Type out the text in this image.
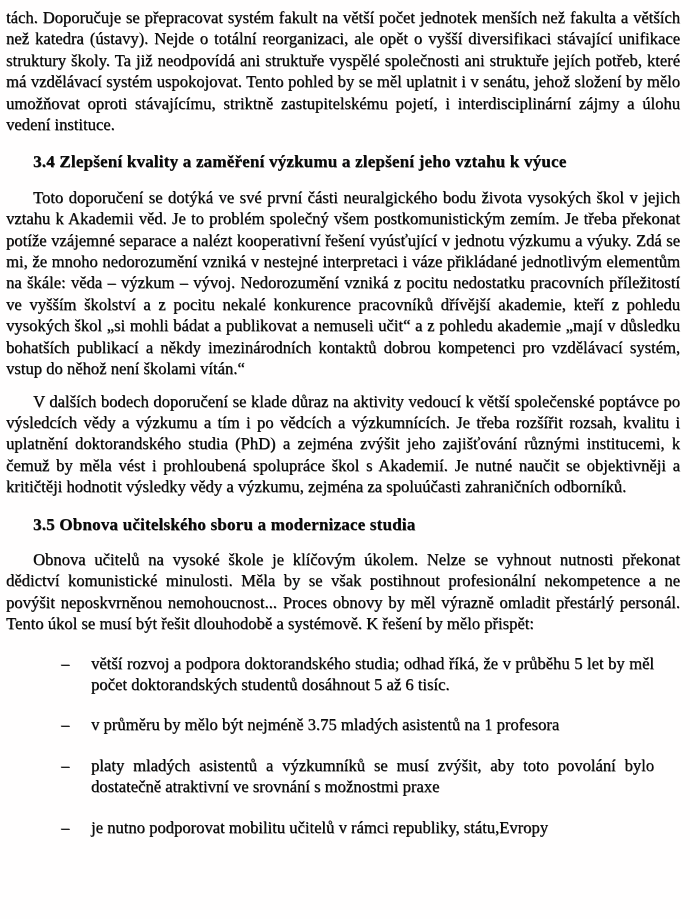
tách. Doporučuje se přepracovat systém fakult na větší počet jednotek menších než fakulta a větších než katedra (ústavy). Nejde o totální reorganizaci, ale opět o vyšší diversifikaci stávající unifikace struktury školy. Ta již neodpovídá ani struktuře vyspělé společnosti ani struktuře jejích potřeb, které má vzdělávací systém uspokojovat. Tento pohled by se měl uplatnit i v senátu, jehož složení by mělo umožňovat oproti stávajícímu, striktně zastupitelskému pojetí, i interdisciplinární zájmy a úlohu vedení instituce.

3.4 Zlepšení kvality a zaměření výzkumu a zlepšení jeho vztahu k výuce

Toto doporučení se dotýká ve své první části neuralgického bodu života vysokých škol v jejich vztahu k Akademii věd. Je to problém společný všem postkomunistickým zemím. Je třeba překonat potíže vzájemné separace a nalézt kooperativní řešení vyúsťující v jednotu výzkumu a výuky. Zdá se mi, že mnoho nedorozumění vzniká v nestejné interpretaci i váze přikládané jednotlivým elementům na škále: věda – výzkum – vývoj. Nedorozumění vzniká z pocitu nedostatku pracovních příležitostí ve vyšším školství a z pocitu nekalé konkurence pracovníků dřívější akademie, kteří z pohledu vysokých škol „si mohli bádat a publikovat a nemuseli učit“ a z pohledu akademie „mají v důsledku bohatších publikací a někdy imezinárodních kontaktů dobrou kompetenci pro vzdělávací systém, vstup do něhož není školami vítán.“

V dalších bodech doporučení se klade důraz na aktivity vedoucí k větší společenské poptávce po výsledcích vědy a výzkumu a tím i po vědcích a výzkumnících. Je třeba rozšířit rozsah, kvalitu i uplatnění doktorandského studia (PhD) a zejména zvýšit jeho zajišťování různými institucemi, k čemuž by měla vést i prohloubená spolupráce škol s Akademií. Je nutné naučit se objektivněji a kritičtěji hodnotit výsledky vědy a výzkumu, zejména za spoluúčasti zahraničních odborníků.

3.5 Obnova učitelského sboru a modernizace studia

Obnova učitelů na vysoké škole je klíčovým úkolem. Nelze se vyhnout nutnosti překonat dědictví komunistické minulosti. Měla by se však postihnout profesionální nekompetence a ne povýšit neposkvrněnou nemohoucnost... Proces obnovy by měl výrazně omladit přestárlý personál. Tento úkol se musí být řešit dlouhodobě a systémově. K řešení by mělo přispět:

–	větší rozvoj a podpora doktorandského studia; odhad říká, že v průběhu 5 let by měl počet doktorandských studentů dosáhnout 5 až 6 tisíc.
–	v průměru by mělo být nejméně 3.75 mladých asistentů na 1 profesora
–	platy mladých asistentů a výzkumníků se musí zvýšit, aby toto povolání bylo dostatečně atraktivní ve srovnání s možnostmi praxe
–	je nutno podporovat mobilitu učitelů v rámci republiky, státu,Evropy
